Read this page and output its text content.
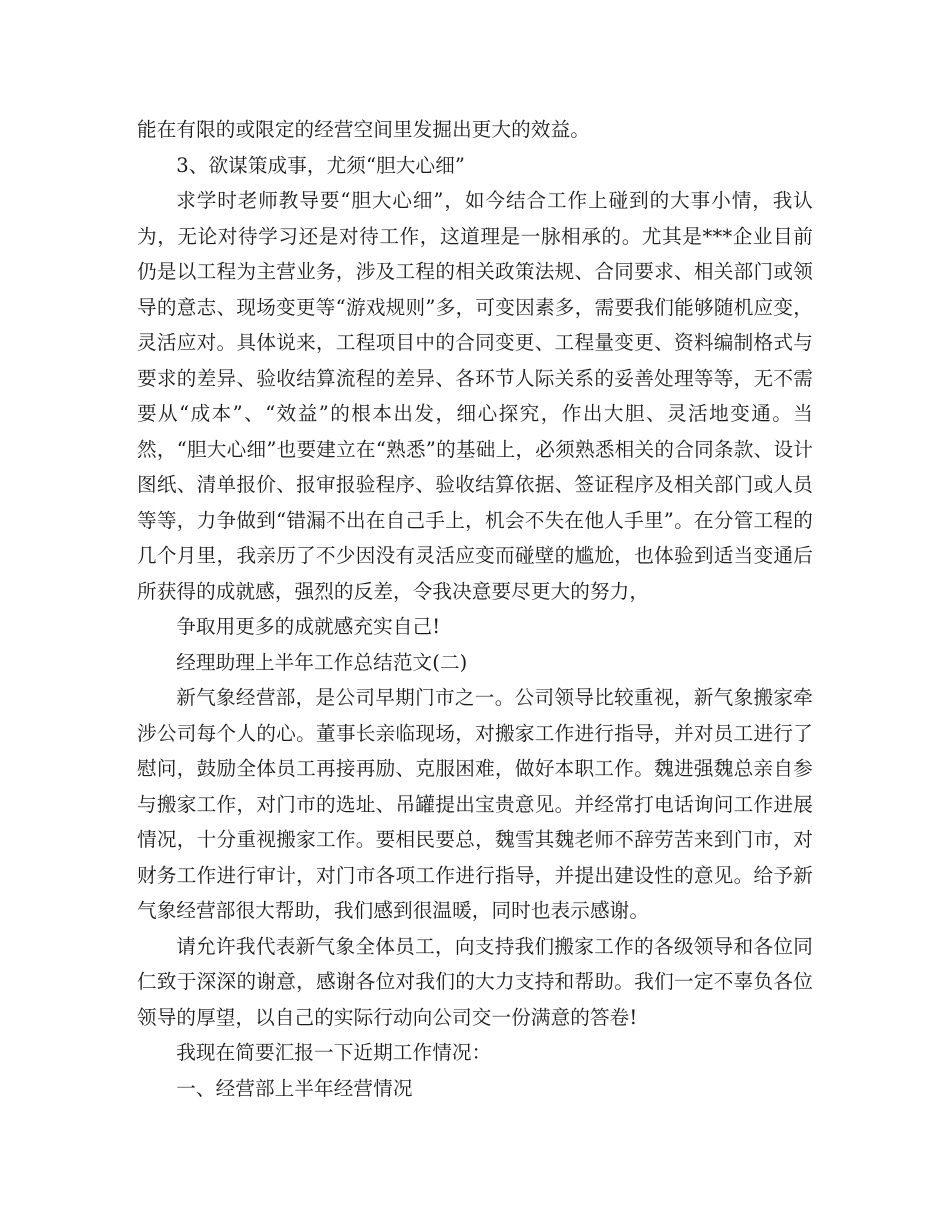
能在有限的或限定的经营空间里发掘出更大的效益。

3、欲谋策成事，尤须“胆大心细”

求学时老师教导要“胆大心细”，如今结合工作上碰到的大事小情，我认为，无论对待学习还是对待工作，这道理是一脉相承的。尤其是***企业目前仍是以工程为主营业务，涉及工程的相关政策法规、合同要求、相关部门或领导的意志、现场变更等“游戏规则”多，可变因素多，需要我们能够随机应变，灵活应对。具体说来，工程项目中的合同变更、工程量变更、资料编制格式与要求的差异、验收结算流程的差异、各环节人际关系的妥善处理等等，无不需要从“成本”、“效益”的根本出发，细心探究，作出大胆、灵活地变通。当然，“胆大心细”也要建立在“熟悉”的基础上，必须熟悉相关的合同条款、设计图纸、清单报价、报审报验程序、验收结算依据、签证程序及相关部门或人员等等，力争做到“错漏不出在自己手上，机会不失在他人手里”。在分管工程的几个月里，我亲历了不少因没有灵活应变而碰壁的尴尬，也体验到适当变通后所获得的成就感，强烈的反差，令我决意要尽更大的努力，

争取用更多的成就感充实自己!

经理助理上半年工作总结范文(二)

新气象经营部，是公司早期门市之一。公司领导比较重视，新气象搬家牵涉公司每个人的心。董事长亲临现场，对搬家工作进行指导，并对员工进行了慰问，鼓励全体员工再接再励、克服困难，做好本职工作。魏进强魏总亲自参与搬家工作，对门市的选址、吊罐提出宝贵意见。并经常打电话询问工作进展情况，十分重视搬家工作。要相民要总，魏雪其魏老师不辞劳苦来到门市，对财务工作进行审计，对门市各项工作进行指导，并提出建设性的意见。给予新气象经营部很大帮助，我们感到很温暖，同时也表示感谢。

请允许我代表新气象全体员工，向支持我们搬家工作的各级领导和各位同仁致于深深的谢意，感谢各位对我们的大力支持和帮助。我们一定不辜负各位领导的厚望，以自己的实际行动向公司交一份满意的答卷!

我现在简要汇报一下近期工作情况：

一、经营部上半年经营情况
